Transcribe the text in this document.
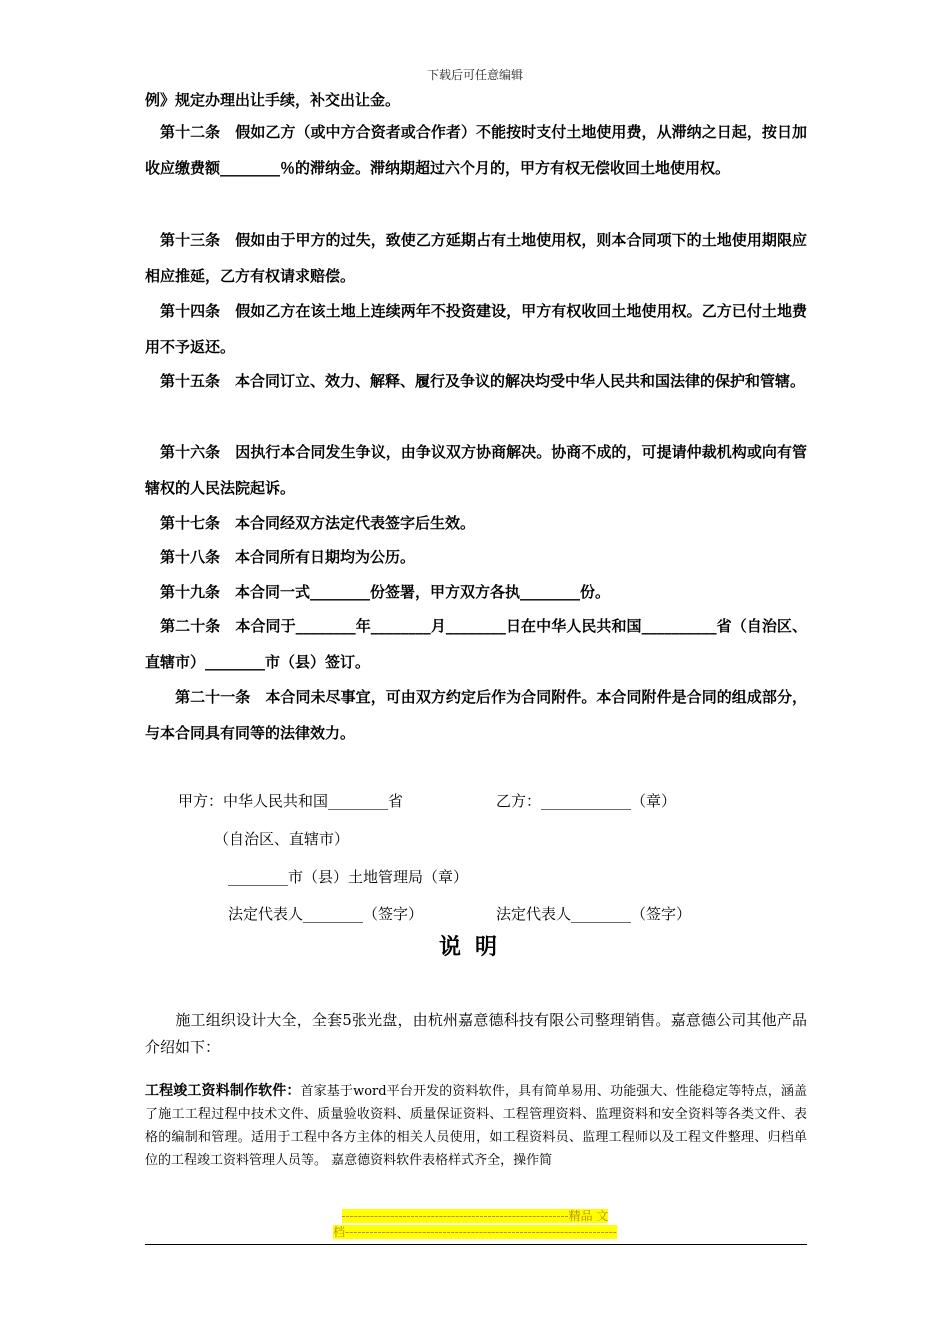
下载后可任意编辑

例》规定办理出让手续，补交出让金。

　第十二条　假如乙方（或中方合资者或合作者）不能按时支付土地使用费，从滞纳之日起，按日加收应缴费额________％的滞纳金。滞纳期超过六个月的，甲方有权无偿收回土地使用权。

　第十三条　假如由于甲方的过失，致使乙方延期占有土地使用权，则本合同项下的土地使用期限应相应推延，乙方有权请求赔偿。

　第十四条　假如乙方在该土地上连续两年不投资建设，甲方有权收回土地使用权。乙方已付土地费用不予返还。

　第十五条　本合同订立、效力、解释、履行及争议的解决均受中华人民共和国法律的保护和管辖。

　第十六条　因执行本合同发生争议，由争议双方协商解决。协商不成的，可提请仲裁机构或向有管辖权的人民法院起诉。

　第十七条　本合同经双方法定代表签字后生效。

　第十八条　本合同所有日期均为公历。

　第十九条　本合同一式________份签署，甲方双方各执________份。

　第二十条　本合同于________年________月________日在中华人民共和国__________省（自治区、直辖市）________市（县）签订。

　　第二十一条　本合同未尽事宜，可由双方约定后作为合同附件。本合同附件是合同的组成部分，与本合同具有同等的法律效力。

甲方：中华人民共和国________省	乙方：____________（章）
（自治区、直辖市）
________市（县）土地管理局（章）
法定代表人________（签字）	法定代表人________（签字）
说明

　　施工组织设计大全，全套5张光盘，由杭州嘉意德科技有限公司整理销售。嘉意德公司其他产品介绍如下：

工程竣工资料制作软件：首家基于word平台开发的资料软件，具有简单易用、功能强大、性能稳定等特点，涵盖了施工工程过程中技术文件、质量验收资料、质量保证资料、工程管理资料、监理资料和安全资料等各类文件、表格的编制和管理。适用于工程中各方主体的相关人员使用，如工程资料员、监理工程师以及工程文件整理、归档单位的工程竣工资料管理人员等。 嘉意德资料软件表格样式齐全，操作简

--------------------------------------------------------精品 文
档-------------------------------------------------------------------
